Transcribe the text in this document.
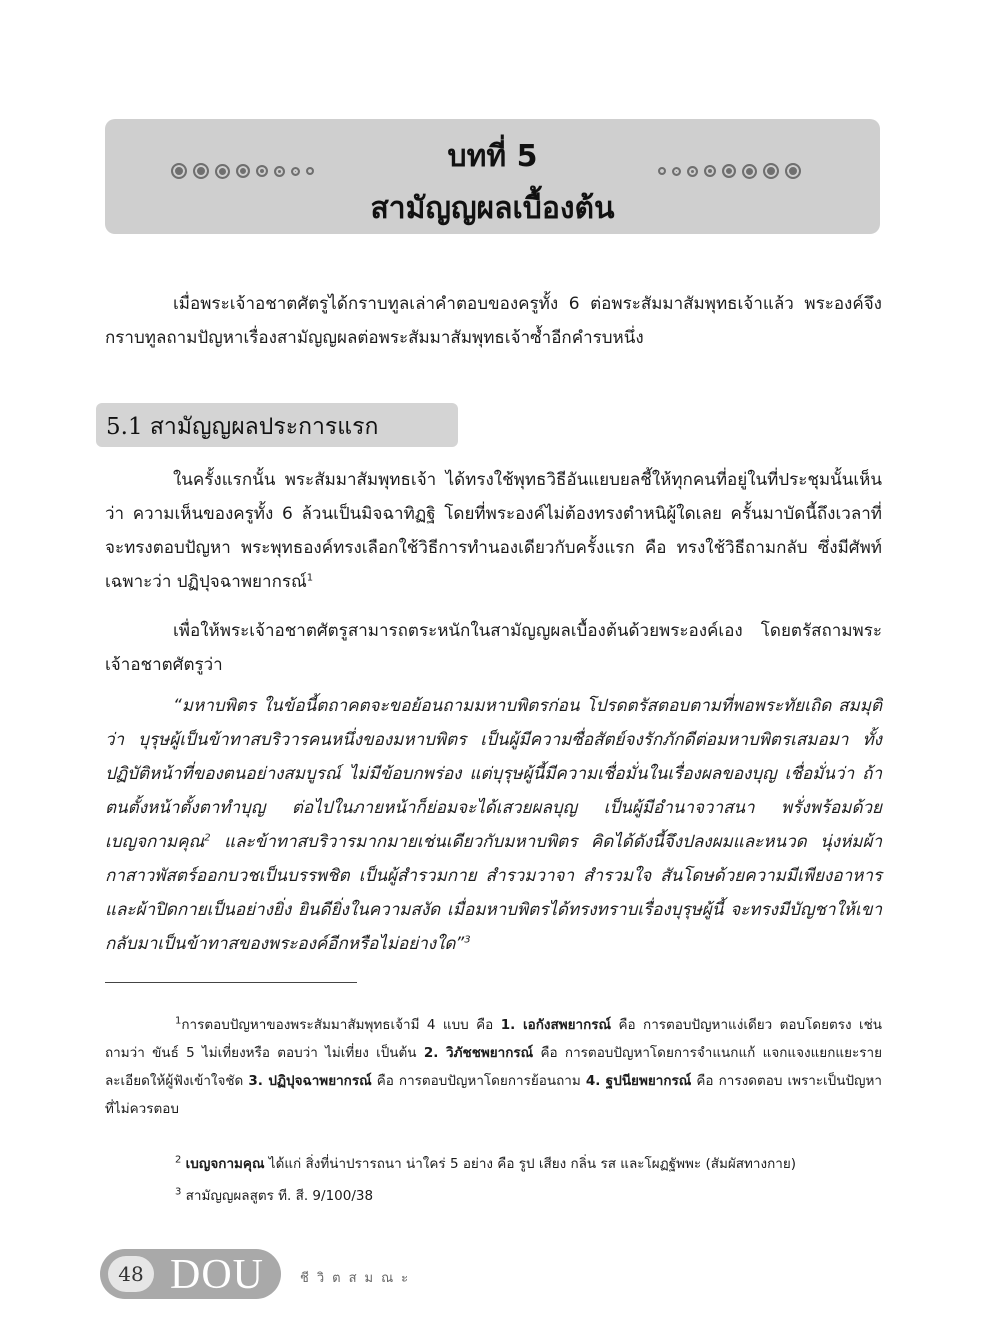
บทที่ 5
สามัญญผลเบื้องต้น
เมื่อพระเจ้าอชาตศัตรูได้กราบทูลเล่าคำตอบของครูทั้ง 6 ต่อพระสัมมาสัมพุทธเจ้าแล้ว พระองค์จึงกราบทูลถามปัญหาเรื่องสามัญญผลต่อพระสัมมาสัมพุทธเจ้าซ้ำอีกคำรบหนึ่ง
5.1 สามัญญผลประการแรก
ในครั้งแรกนั้น พระสัมมาสัมพุทธเจ้า ได้ทรงใช้พุทธวิธีอันแยบยลชี้ให้ทุกคนที่อยู่ในที่ประชุมนั้นเห็นว่า ความเห็นของครูทั้ง 6 ล้วนเป็นมิจฉาทิฏฐิ โดยที่พระองค์ไม่ต้องทรงตำหนิผู้ใดเลย ครั้นมาบัดนี้ถึงเวลาที่จะทรงตอบปัญหา พระพุทธองค์ทรงเลือกใช้วิธีการทำนองเดียวกับครั้งแรก คือ ทรงใช้วิธีถามกลับ ซึ่งมีศัพท์เฉพาะว่า ปฏิปุจฉาพยากรณ์$^1$
เพื่อให้พระเจ้าอชาตศัตรูสามารถตระหนักในสามัญญผลเบื้องต้นด้วยพระองค์เอง โดยตรัสถามพระเจ้าอชาตศัตรูว่า
“มหาบพิตร ในข้อนี้ตถาคตจะขอย้อนถามมหาบพิตรก่อน โปรดตรัสตอบตามที่พอพระทัยเถิด สมมุติว่า บุรุษผู้เป็นข้าทาสบริวารคนหนึ่งของมหาบพิตร เป็นผู้มีความซื่อสัตย์จงรักภักดีต่อมหาบพิตรเสมอมา ทั้งปฏิบัติหน้าที่ของตนอย่างสมบูรณ์ ไม่มีข้อบกพร่อง แต่บุรุษผู้นี้มีความเชื่อมั่นในเรื่องผลของบุญ เชื่อมั่นว่า ถ้าตนตั้งหน้าตั้งตาทำบุญ ต่อไปในภายหน้าก็ย่อมจะได้เสวยผลบุญ เป็นผู้มีอำนาจวาสนา พรั่งพร้อมด้วยเบญจกามคุณ$^2$ และข้าทาสบริวารมากมายเช่นเดียวกับมหาบพิตร คิดได้ดังนี้จึงปลงผมและหนวด นุ่งห่มผ้ากาสาวพัสตร์ออกบวชเป็นบรรพชิต เป็นผู้สำรวมกาย สำรวมวาจา สำรวมใจ สันโดษด้วยความมีเพียงอาหารและผ้าปิดกายเป็นอย่างยิ่ง ยินดียิ่งในความสงัด เมื่อมหาบพิตรได้ทรงทราบเรื่องบุรุษผู้นี้ จะทรงมีบัญชาให้เขากลับมาเป็นข้าทาสของพระองค์อีกหรือไม่อย่างใด”$^3$
$^1$การตอบปัญหาของพระสัมมาสัมพุทธเจ้ามี 4 แบบ คือ 1. เอกังสพยากรณ์ คือ การตอบปัญหาแง่เดียว ตอบโดยตรง เช่น ถามว่า ขันธ์ 5 ไม่เที่ยงหรือ ตอบว่า ไม่เที่ยง เป็นต้น 2. วิภัชชพยากรณ์ คือ การตอบปัญหาโดยการจำแนกแก้ แจกแจงแยกแยะรายละเอียดให้ผู้ฟังเข้าใจชัด 3. ปฏิปุจฉาพยากรณ์ คือ การตอบปัญหาโดยการย้อนถาม 4. ฐปนียพยากรณ์ คือ การงดตอบ เพราะเป็นปัญหาที่ไม่ควรตอบ
$^2$ เบญจกามคุณ ได้แก่ สิ่งที่น่าปรารถนา น่าใคร่ 5 อย่าง คือ รูป เสียง กลิ่น รส และโผฏฐัพพะ (สัมผัสทางกาย)
$^3$ สามัญญผลสูตร ที. สี. 9/100/38
48 DOU	ชีวิตสมณะ
